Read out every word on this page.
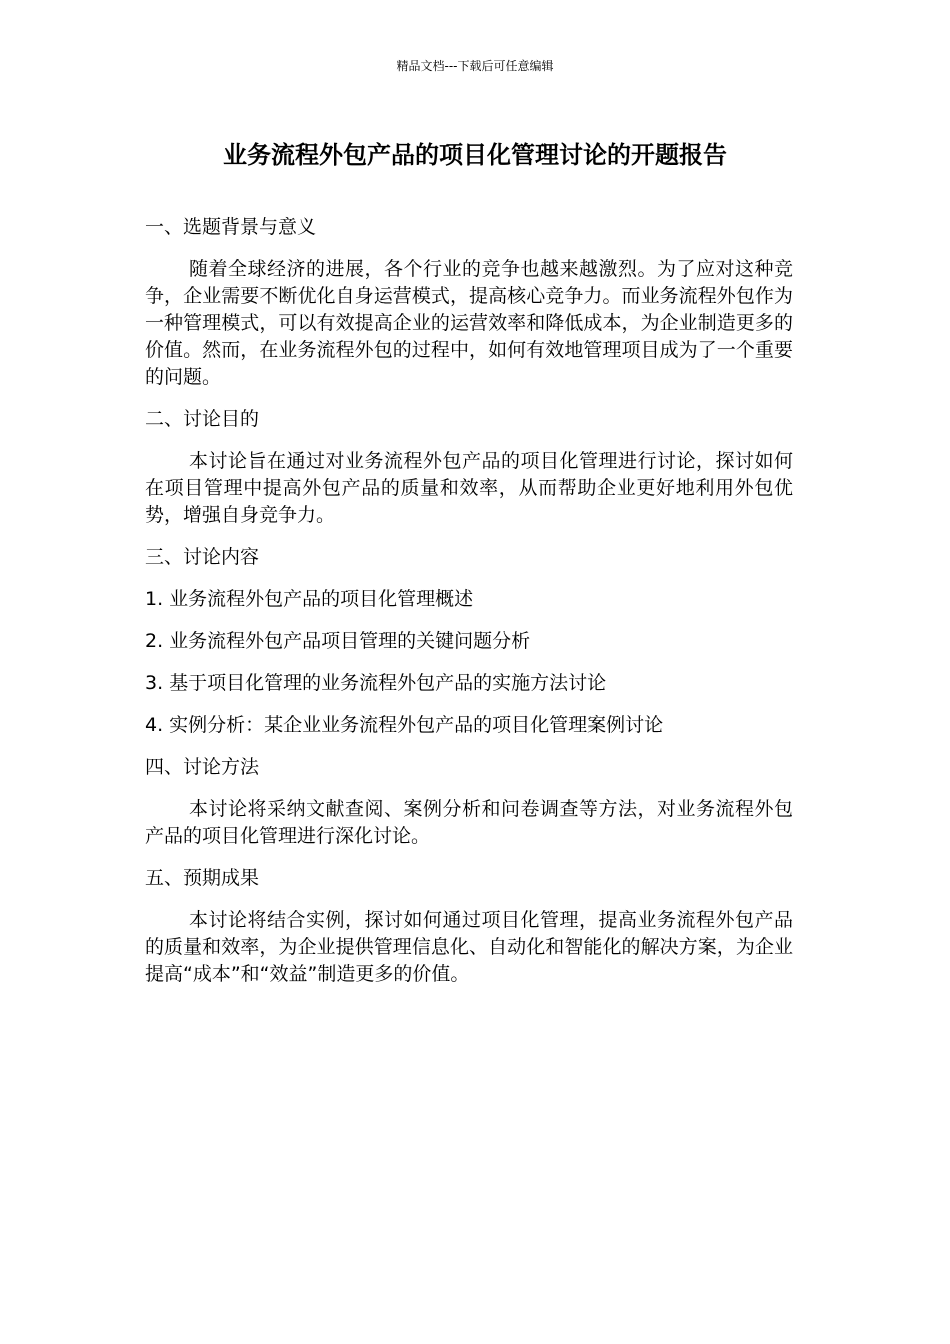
精品文档---下载后可任意编辑
业务流程外包产品的项目化管理讨论的开题报告

一、选题背景与意义

随着全球经济的进展，各个行业的竞争也越来越激烈。为了应对这种竞争，企业需要不断优化自身运营模式，提高核心竞争力。而业务流程外包作为一种管理模式，可以有效提高企业的运营效率和降低成本，为企业制造更多的价值。然而，在业务流程外包的过程中，如何有效地管理项目成为了一个重要的问题。

二、讨论目的

本讨论旨在通过对业务流程外包产品的项目化管理进行讨论，探讨如何在项目管理中提高外包产品的质量和效率，从而帮助企业更好地利用外包优势，增强自身竞争力。

三、讨论内容

1. 业务流程外包产品的项目化管理概述

2. 业务流程外包产品项目管理的关键问题分析

3. 基于项目化管理的业务流程外包产品的实施方法讨论

4. 实例分析：某企业业务流程外包产品的项目化管理案例讨论

四、讨论方法

本讨论将采纳文献查阅、案例分析和问卷调查等方法，对业务流程外包产品的项目化管理进行深化讨论。

五、预期成果

本讨论将结合实例，探讨如何通过项目化管理，提高业务流程外包产品的质量和效率，为企业提供管理信息化、自动化和智能化的解决方案，为企业提高“成本”和“效益”制造更多的价值。
